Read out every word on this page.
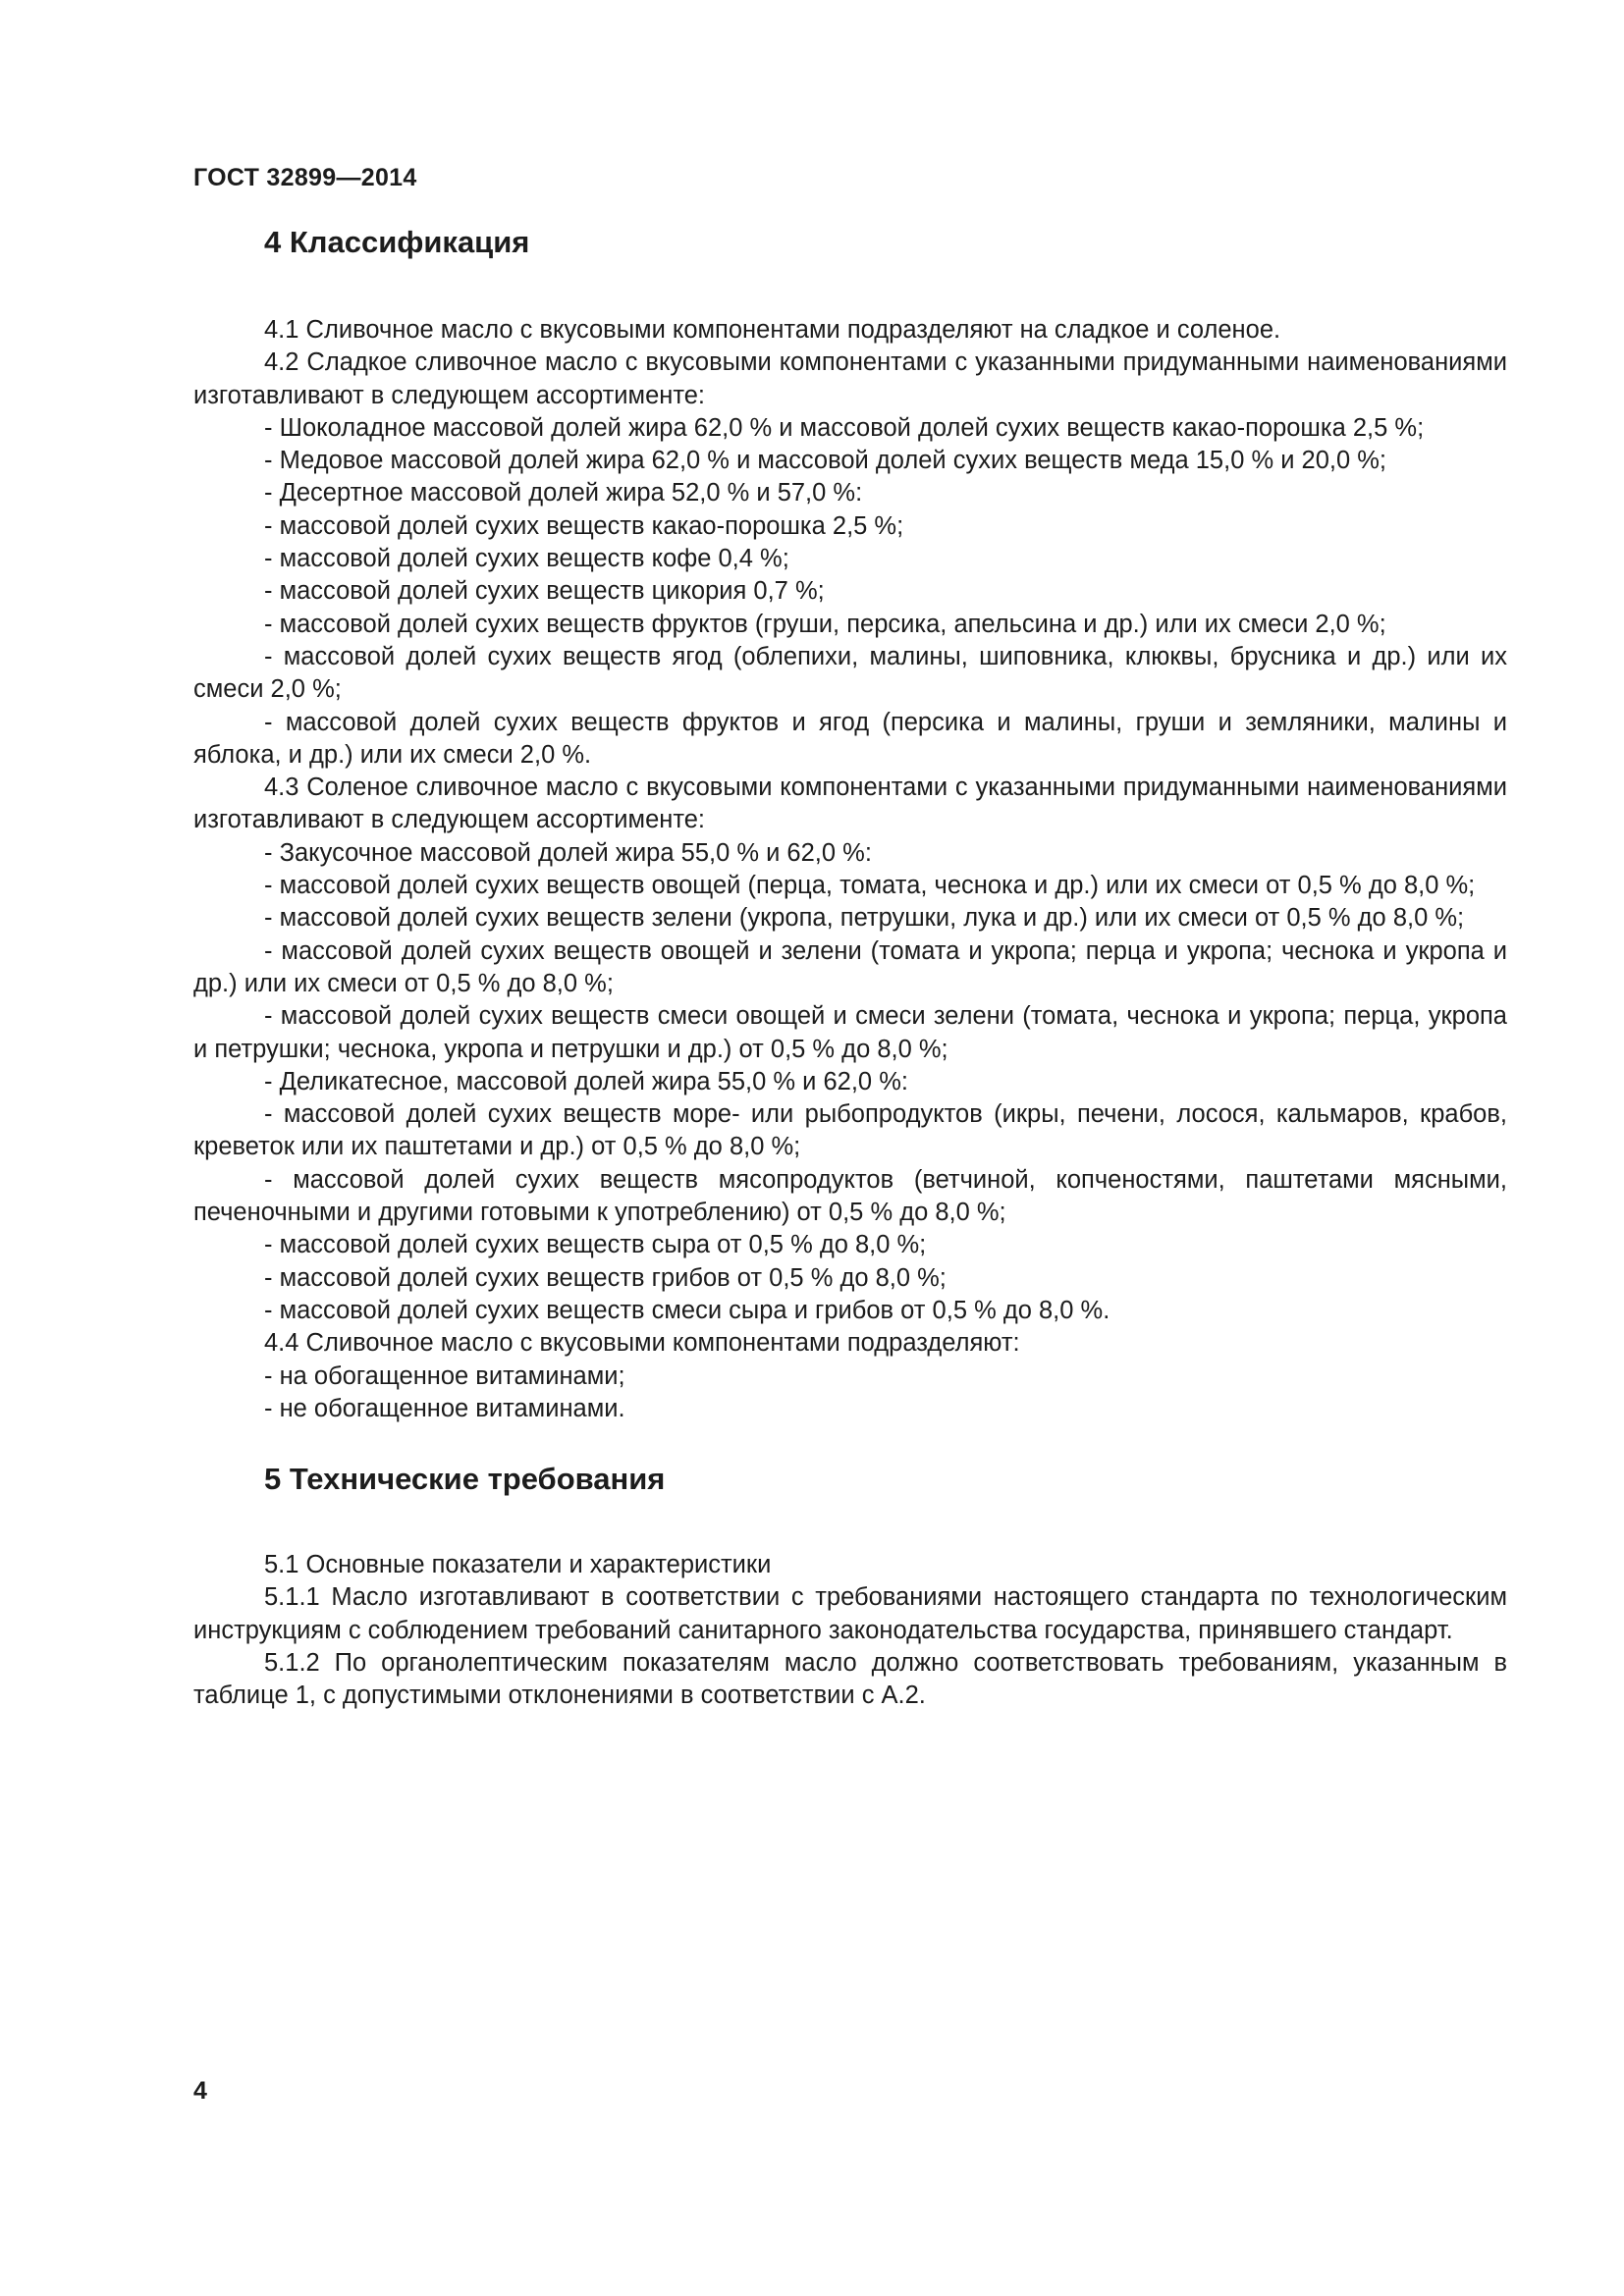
ГОСТ 32899—2014
4 Классификация

4.1 Сливочное масло с вкусовыми компонентами подразделяют на сладкое и соленое.

4.2 Сладкое сливочное масло с вкусовыми компонентами с указанными придуманными наименованиями изготавливают в следующем ассортименте:

- Шоколадное массовой долей жира 62,0 % и массовой долей сухих веществ какао-порошка 2,5 %;

- Медовое массовой долей жира 62,0 % и массовой долей сухих веществ меда 15,0 % и 20,0 %;

- Десертное массовой долей жира 52,0 % и 57,0 %:

- массовой долей сухих веществ какао-порошка 2,5 %;

- массовой долей сухих веществ кофе 0,4 %;

- массовой долей сухих веществ цикория 0,7 %;

- массовой долей сухих веществ фруктов (груши, персика, апельсина и др.) или их смеси 2,0 %;

- массовой долей сухих веществ ягод (облепихи, малины, шиповника, клюквы, брусника и др.) или их смеси 2,0 %;

- массовой долей сухих веществ фруктов и ягод (персика и малины, груши и земляники, малины и яблока, и др.) или их смеси 2,0 %.

4.3 Соленое сливочное масло с вкусовыми компонентами с указанными придуманными наименованиями изготавливают в следующем ассортименте:

- Закусочное массовой долей жира 55,0 % и 62,0 %:

- массовой долей сухих веществ овощей (перца, томата, чеснока и др.) или их смеси от 0,5 % до 8,0 %;

- массовой долей сухих веществ зелени (укропа, петрушки, лука и др.) или их смеси от 0,5 % до 8,0 %;

- массовой долей сухих веществ овощей и зелени (томата и укропа; перца и укропа; чеснока и укропа и др.) или их смеси от 0,5 % до 8,0 %;

- массовой долей сухих веществ смеси овощей и смеси зелени (томата, чеснока и укропа; перца, укропа и петрушки; чеснока, укропа и петрушки и др.) от 0,5 % до 8,0 %;

- Деликатесное, массовой долей жира 55,0 % и 62,0 %:

- массовой долей сухих веществ море- или рыбопродуктов (икры, печени, лосося, кальмаров, крабов, креветок или их паштетами и др.) от 0,5 % до 8,0 %;

- массовой долей сухих веществ мясопродуктов (ветчиной, копченостями, паштетами мясными, печеночными и другими готовыми к употреблению) от 0,5 % до 8,0 %;

- массовой долей сухих веществ сыра от 0,5 % до 8,0 %;

- массовой долей сухих веществ грибов от 0,5 % до 8,0 %;

- массовой долей сухих веществ смеси сыра и грибов от 0,5 % до 8,0 %.

4.4 Сливочное масло с вкусовыми компонентами подразделяют:

- на обогащенное витаминами;

- не обогащенное витаминами.

5 Технические требования

5.1 Основные показатели и характеристики

5.1.1 Масло изготавливают в соответствии с требованиями настоящего стандарта по технологическим инструкциям с соблюдением требований санитарного законодательства государства, принявшего стандарт.

5.1.2 По органолептическим показателям масло должно соответствовать требованиям, указанным в таблице 1, с допустимыми отклонениями в соответствии с А.2.

4
